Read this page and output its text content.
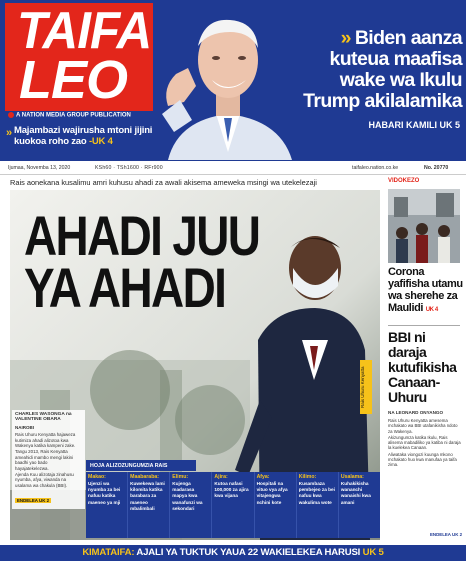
TAIFA
LEO
A NATION MEDIA GROUP PUBLICATION
» Majambazi wajirusha mtoni jijini kuokoa roho zao -UK 4
» Biden aanza kuteua maafisa wake wa Ikulu Trump akilalamika
HABARI KAMILI UK 5
Ijumaa, Novemba 13, 2020	KSh60 · TSh1600 · RFr900	taifaleo.nation.co.ke	No. 20770
Rais aonekana kusalimu amri kuhusu ahadi za awali akisema ameweka msingi wa utekelezaji
AHADI JUU
YA AHADI
Rais Uhuru Kenyatta
CHARLES WASONGA na VALENTINE OBARA
NAIROBI
Rais Uhuru Kenyatta hajaweza kutimiza ahadi alizotoa kwa Wakenya katika kampeni zake.
Tangu 2013, Rais Kenyatta ameahidi mambo mengi lakini baadhi yao bado hayajatekelezwa.
Ajenda Kuu alizotaja zinahusu nyumba, afya, viwanda na usalama wa chakula (BBI).
ENDELEA UK 2
HOJA ALIZOZUNGUMZIA RAIS
Makao:
Ujenzi wa nyumba za bei nafuu katika maeneo ya mji
Maabaraba:
Kuwekewa lami kilomita katika barabara za maeneo mbalimbali
Elimu:
Kujenga madarasa mapya kwa wanafunzi wa sekondari
Ajira:
Kutoa nafasi 100,000 za ajira kwa vijana
Afya:
Hospitali na vituo vya afya vitajengwa nchini kote
Kilimo:
Kusambaza pembejeo za bei nafuu kwa wakulima wote
Usalama:
Kuhakikisha wananchi wanaishi kwa amani
VIDOKEZO
Corona yafifisha utamu wa sherehe za Maulidi UK 4
BBI ni daraja kutufikisha Canaan-Uhuru
NA LEONARD ONYANGO

Rais Uhuru Kenyatta amesema mchakato wa BBI utafanikisha ndoto za Wakenya.

Akizungumza katika Ikulu, Rais alisema mabadiliko ya katiba ni daraja la kuelekea Canaan.

Aliwataka viongozi kuunga mkono mchakato huo kwa manufaa ya taifa zima.

ENDELEA UK 2
KIMATAIFA: AJALI YA TUKTUK YAUA 22 WAKIELEKEA HARUSI UK 5
